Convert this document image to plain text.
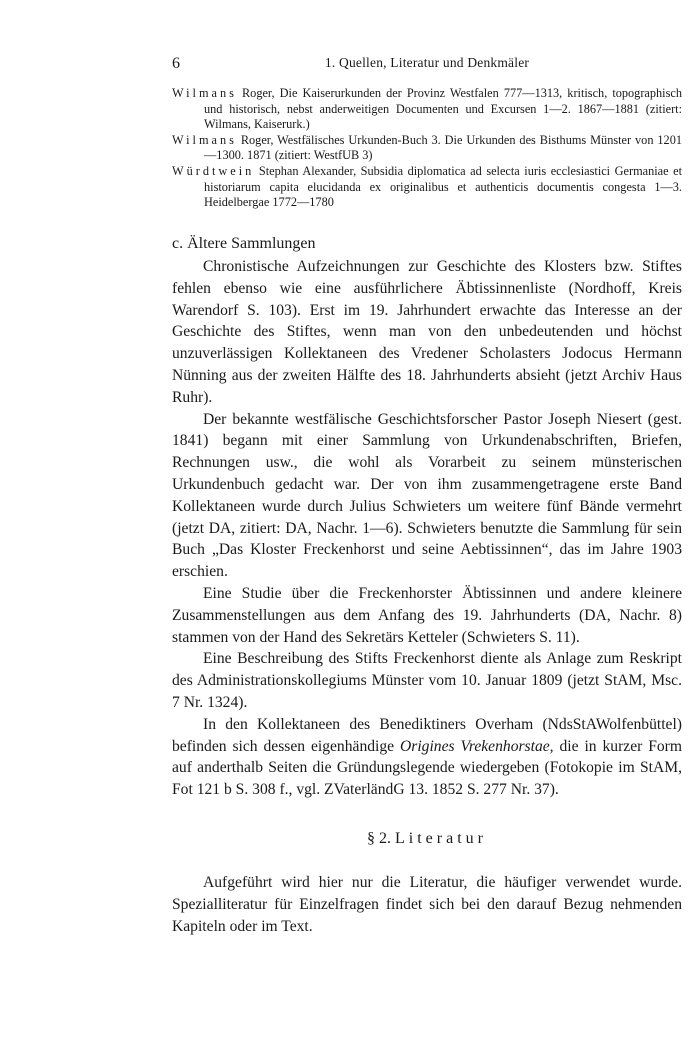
6	1. Quellen, Literatur und Denkmäler

Wilmans Roger, Die Kaiserurkunden der Provinz Westfalen 777—1313, kritisch, topographisch und historisch, nebst anderweitigen Documenten und Excursen 1—2. 1867—1881 (zitiert: Wilmans, Kaiserurk.)

Wilmans Roger, Westfälisches Urkunden-Buch 3. Die Urkunden des Bisthums Münster von 1201—1300. 1871 (zitiert: WestfUB 3)

Würdtwein Stephan Alexander, Subsidia diplomatica ad selecta iuris ecclesiastici Germaniae et historiarum capita elucidanda ex originalibus et authenticis documentis congesta 1—3. Heidelbergae 1772—1780

c. Ältere Sammlungen

Chronistische Aufzeichnungen zur Geschichte des Klosters bzw. Stiftes fehlen ebenso wie eine ausführlichere Äbtissinnenliste (Nordhoff, Kreis Warendorf S. 103). Erst im 19. Jahrhundert erwachte das Interesse an der Geschichte des Stiftes, wenn man von den unbedeutenden und höchst unzuverlässigen Kollektaneen des Vredener Scholasters Jodocus Hermann Nünning aus der zweiten Hälfte des 18. Jahrhunderts absieht (jetzt Archiv Haus Ruhr).

Der bekannte westfälische Geschichtsforscher Pastor Joseph Niesert (gest. 1841) begann mit einer Sammlung von Urkundenabschriften, Briefen, Rechnungen usw., die wohl als Vorarbeit zu seinem münsterischen Urkundenbuch gedacht war. Der von ihm zusammengetragene erste Band Kollektaneen wurde durch Julius Schwieters um weitere fünf Bände vermehrt (jetzt DA, zitiert: DA, Nachr. 1—6). Schwieters benutzte die Sammlung für sein Buch „Das Kloster Freckenhorst und seine Aebtissinnen“, das im Jahre 1903 erschien.

Eine Studie über die Freckenhorster Äbtissinnen und andere kleinere Zusammenstellungen aus dem Anfang des 19. Jahrhunderts (DA, Nachr. 8) stammen von der Hand des Sekretärs Ketteler (Schwieters S. 11).

Eine Beschreibung des Stifts Freckenhorst diente als Anlage zum Reskript des Administrationskollegiums Münster vom 10. Januar 1809 (jetzt StAM, Msc. 7 Nr. 1324).

In den Kollektaneen des Benediktiners Overham (NdsStAWolfenbüttel) befinden sich dessen eigenhändige Origines Vrekenhorstae, die in kurzer Form auf anderthalb Seiten die Gründungslegende wiedergeben (Fotokopie im StAM, Fot 121 b S. 308 f., vgl. ZVaterländG 13. 1852 S. 277 Nr. 37).

§ 2. Literatur

Aufgeführt wird hier nur die Literatur, die häufiger verwendet wurde. Spezialliteratur für Einzelfragen findet sich bei den darauf Bezug nehmenden Kapiteln oder im Text.
